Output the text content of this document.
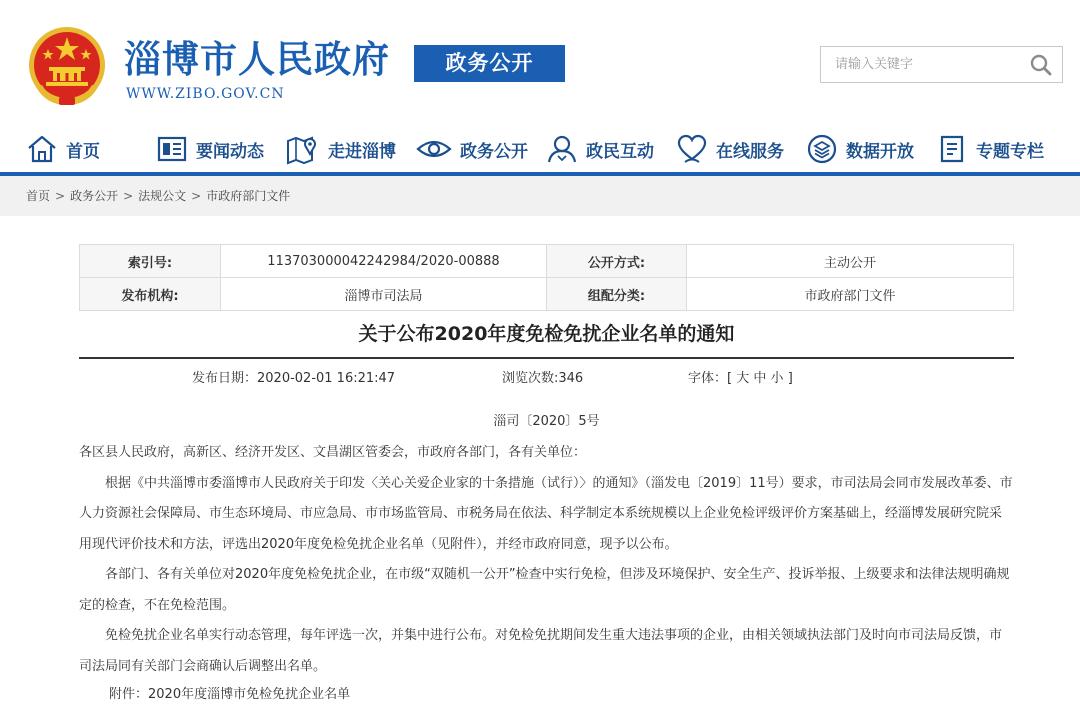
淄博市人民政府
WWW.ZIBO.GOV.CN
政务公开
请输入关键字
首页	要闻动态	走进淄博	政务公开	政民互动	在线服务	数据开放	专题专栏
首页 > 政务公开 > 法规公文 > 市政府部门文件
索引号:	113703000042242984/2020-00888	公开方式:	主动公开
发布机构:	淄博市司法局	组配分类:	市政府部门文件
关于公布2020年度免检免扰企业名单的通知
发布日期：2020-02-01 16:21:47	浏览次数:346	字体：[ 大 中 小 ]
淄司〔2020〕5号

各区县人民政府，高新区、经济开发区、文昌湖区管委会，市政府各部门，各有关单位：

根据《中共淄博市委淄博市人民政府关于印发〈关心关爱企业家的十条措施（试行）〉的通知》（淄发电〔2019〕11号）要求，市司法局会同市发展改革委、市人力资源社会保障局、市生态环境局、市应急局、市市场监管局、市税务局在依法、科学制定本系统规模以上企业免检评级评价方案基础上，经淄博发展研究院采用现代评价技术和方法，评选出2020年度免检免扰企业名单（见附件），并经市政府同意，现予以公布。

各部门、各有关单位对2020年度免检免扰企业，在市级“双随机一公开”检查中实行免检，但涉及环境保护、安全生产、投诉举报、上级要求和法律法规明确规定的检查，不在免检范围。

免检免扰企业名单实行动态管理，每年评选一次，并集中进行公布。对免检免扰期间发生重大违法事项的企业，由相关领域执法部门及时向市司法局反馈，市司法局同有关部门会商确认后调整出名单。

附件：2020年度淄博市免检免扰企业名单
